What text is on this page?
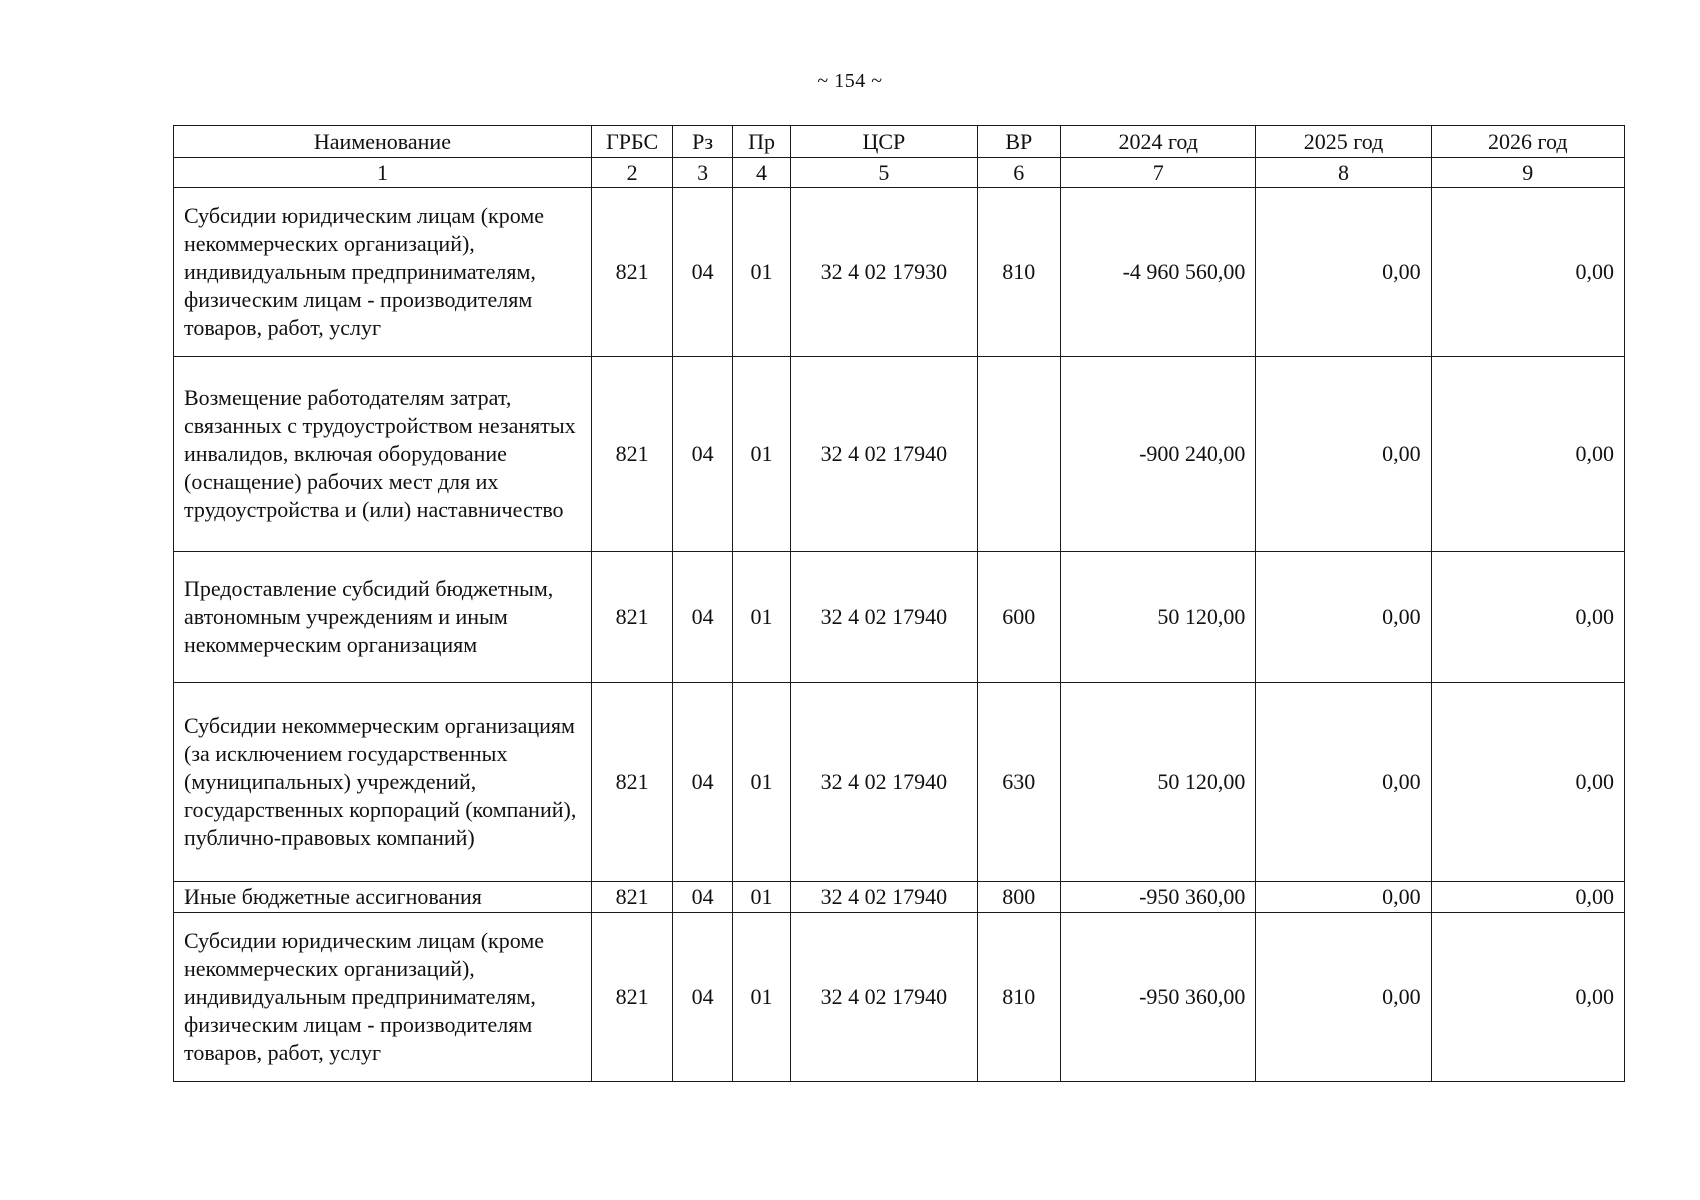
~ 154 ~
Наименование	ГРБС	Рз	Пр	ЦСР	ВР	2024 год	2025 год	2026 год
1	2	3	4	5	6	7	8	9
Субсидии юридическим лицам (кроме некоммерческих организаций), индивидуальным предпринимателям, физическим лицам - производителям товаров, работ, услуг	821	04	01	32 4 02 17930	810	-4 960 560,00	0,00	0,00
Возмещение работодателям затрат, связанных с трудоустройством незанятых инвалидов, включая оборудование (оснащение) рабочих мест для их трудоустройства и (или) наставничество	821	04	01	32 4 02 17940		-900 240,00	0,00	0,00
Предоставление субсидий бюджетным, автономным учреждениям и иным некоммерческим организациям	821	04	01	32 4 02 17940	600	50 120,00	0,00	0,00
Субсидии некоммерческим организациям (за исключением государственных (муниципальных) учреждений, государственных корпораций (компаний), публично-правовых компаний)	821	04	01	32 4 02 17940	630	50 120,00	0,00	0,00
Иные бюджетные ассигнования	821	04	01	32 4 02 17940	800	-950 360,00	0,00	0,00
Субсидии юридическим лицам (кроме некоммерческих организаций), индивидуальным предпринимателям, физическим лицам - производителям товаров, работ, услуг	821	04	01	32 4 02 17940	810	-950 360,00	0,00	0,00
